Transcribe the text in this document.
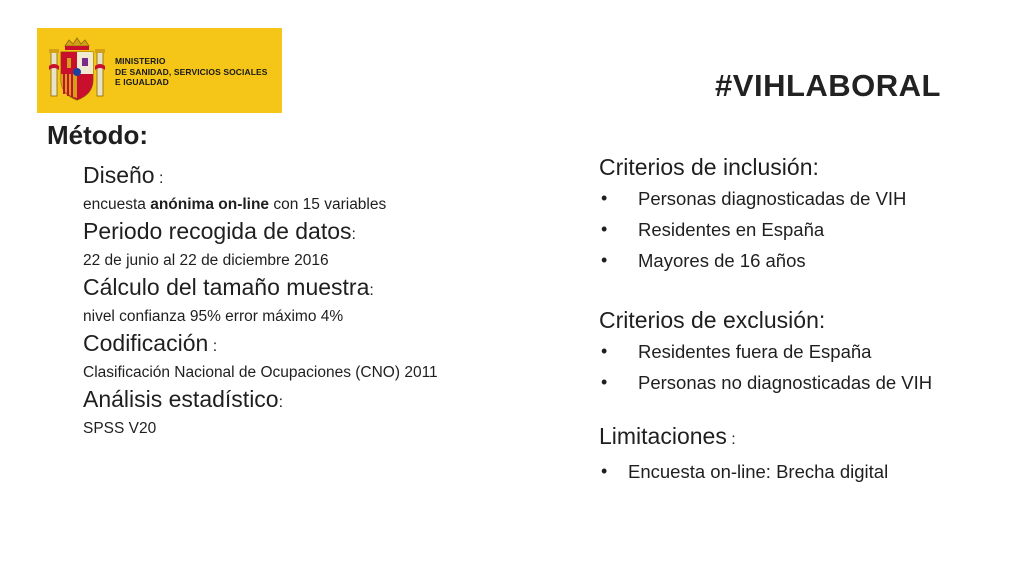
MINISTERIO
DE SANIDAD, SERVICIOS SOCIALES
E IGUALDAD	#VIHLABORAL
Método:
Diseño :
encuesta anónima on-line con 15 variables
Periodo recogida de datos:
22 de junio al 22 de diciembre 2016
Cálculo del tamaño muestra:
nivel confianza 95% error máximo 4%
Codificación :
Clasificación Nacional de Ocupaciones (CNO) 2011
Análisis estadístico:
SPSS V20
Criterios de inclusión:
• Personas diagnosticadas de VIH
• Residentes en España
• Mayores de 16 años
Criterios de exclusión:
• Residentes fuera de España
• Personas no diagnosticadas de VIH
Limitaciones :
• Encuesta on-line: Brecha digital
